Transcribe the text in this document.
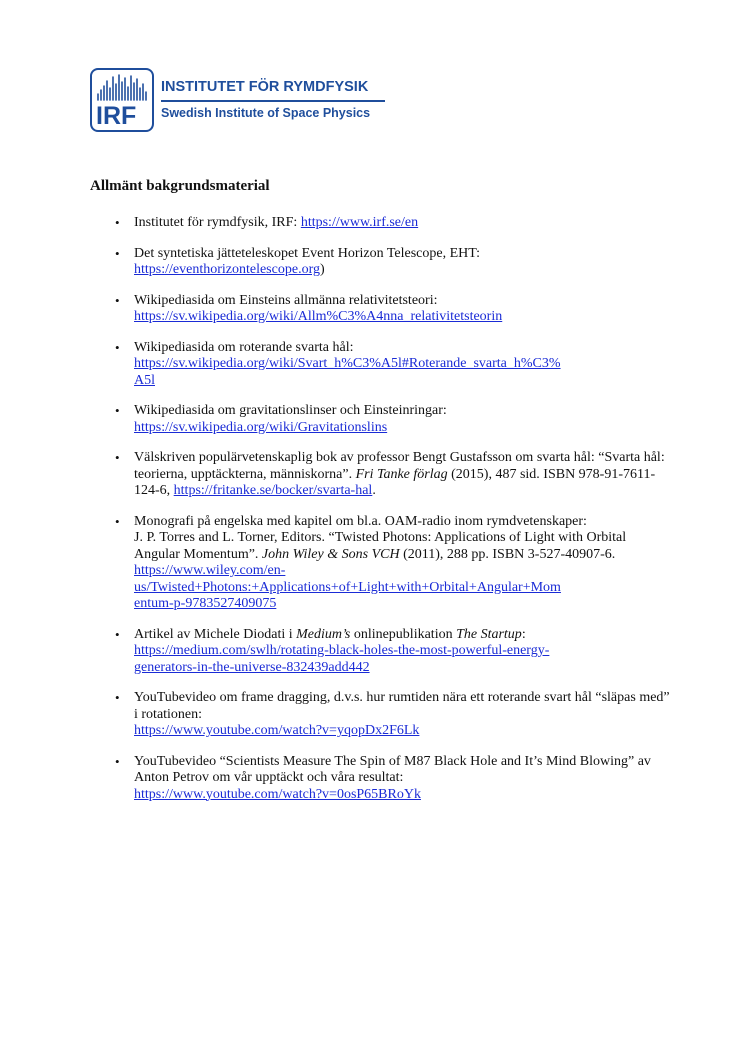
IRF
INSTITUTET FÖR RYMDFYSIK
Swedish Institute of Space Physics
Allmänt bakgrundsmaterial
• Institutet för rymdfysik, IRF: https://www.irf.se/en
• Det syntetiska jätteteleskopet Event Horizon Telescope, EHT:
https://eventhorizontelescope.org)
• Wikipediasida om Einsteins allmänna relativitetsteori:
https://sv.wikipedia.org/wiki/Allm%C3%A4nna_relativitetsteorin
• Wikipediasida om roterande svarta hål:
https://sv.wikipedia.org/wiki/Svart_h%C3%A5l#Roterande_svarta_h%C3%
A5l
• Wikipediasida om gravitationslinser och Einsteinringar:
https://sv.wikipedia.org/wiki/Gravitationslins
• Välskriven populärvetenskaplig bok av professor Bengt Gustafsson om svarta hål: “Svarta hål: teorierna, upptäckterna, människorna”. Fri Tanke förlag (2015), 487 sid. ISBN 978-91-7611-124-6, https://fritanke.se/bocker/svarta-hal.
• Monografi på engelska med kapitel om bl.a. OAM-radio inom rymdvetenskaper:
J. P. Torres and L. Torner, Editors. “Twisted Photons: Applications of Light with Orbital Angular Momentum”. John Wiley & Sons VCH (2011), 288 pp. ISBN 3-527-40907-6.
https://www.wiley.com/en-
us/Twisted+Photons:+Applications+of+Light+with+Orbital+Angular+Mom
entum-p-9783527409075
• Artikel av Michele Diodati i Medium’s onlinepublikation The Startup:
https://medium.com/swlh/rotating-black-holes-the-most-powerful-energy-
generators-in-the-universe-832439add442
• YouTubevideo om frame dragging, d.v.s. hur rumtiden nära ett roterande svart hål “släpas med” i rotationen:
https://www.youtube.com/watch?v=yqopDx2F6Lk
• YouTubevideo “Scientists Measure The Spin of M87 Black Hole and It’s Mind Blowing” av Anton Petrov om vår upptäckt och våra resultat:
https://www.youtube.com/watch?v=0osP65BRoYk
